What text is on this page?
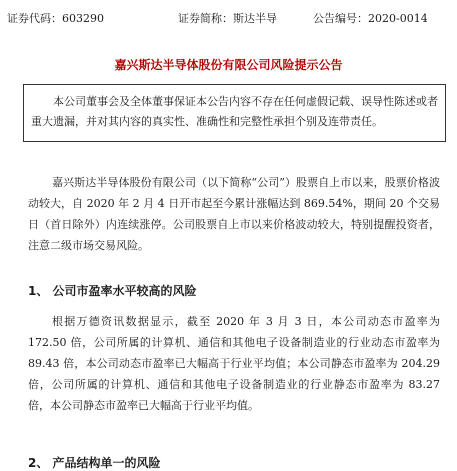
证券代码：603290	证券简称：斯达半导	公告编号：2020-0014
嘉兴斯达半导体股份有限公司风险提示公告

本公司董事会及全体董事保证本公告内容不存在任何虚假记载、误导性陈述或者重大遗漏，并对其内容的真实性、准确性和完整性承担个别及连带责任。

嘉兴斯达半导体股份有限公司（以下简称“公司”）股票自上市以来，股票价格波动较大，自 2020 年 2 月 4 日开市起至今累计涨幅达到 869.54%，期间 20 个交易日（首日除外）内连续涨停。公司股票自上市以来价格波动较大，特别提醒投资者，注意二级市场交易风险。

1、 公司市盈率水平较高的风险

根据万德资讯数据显示，截至 2020 年 3 月 3 日，本公司动态市盈率为 172.50 倍，公司所属的计算机、通信和其他电子设备制造业的行业动态市盈率为 89.43 倍，本公司动态市盈率已大幅高于行业平均值；本公司静态市盈率为 204.29 倍，公司所属的计算机、通信和其他电子设备制造业的行业静态市盈率为 83.27 倍，本公司静态市盈率已大幅高于行业平均值。

2、 产品结构单一的风险
